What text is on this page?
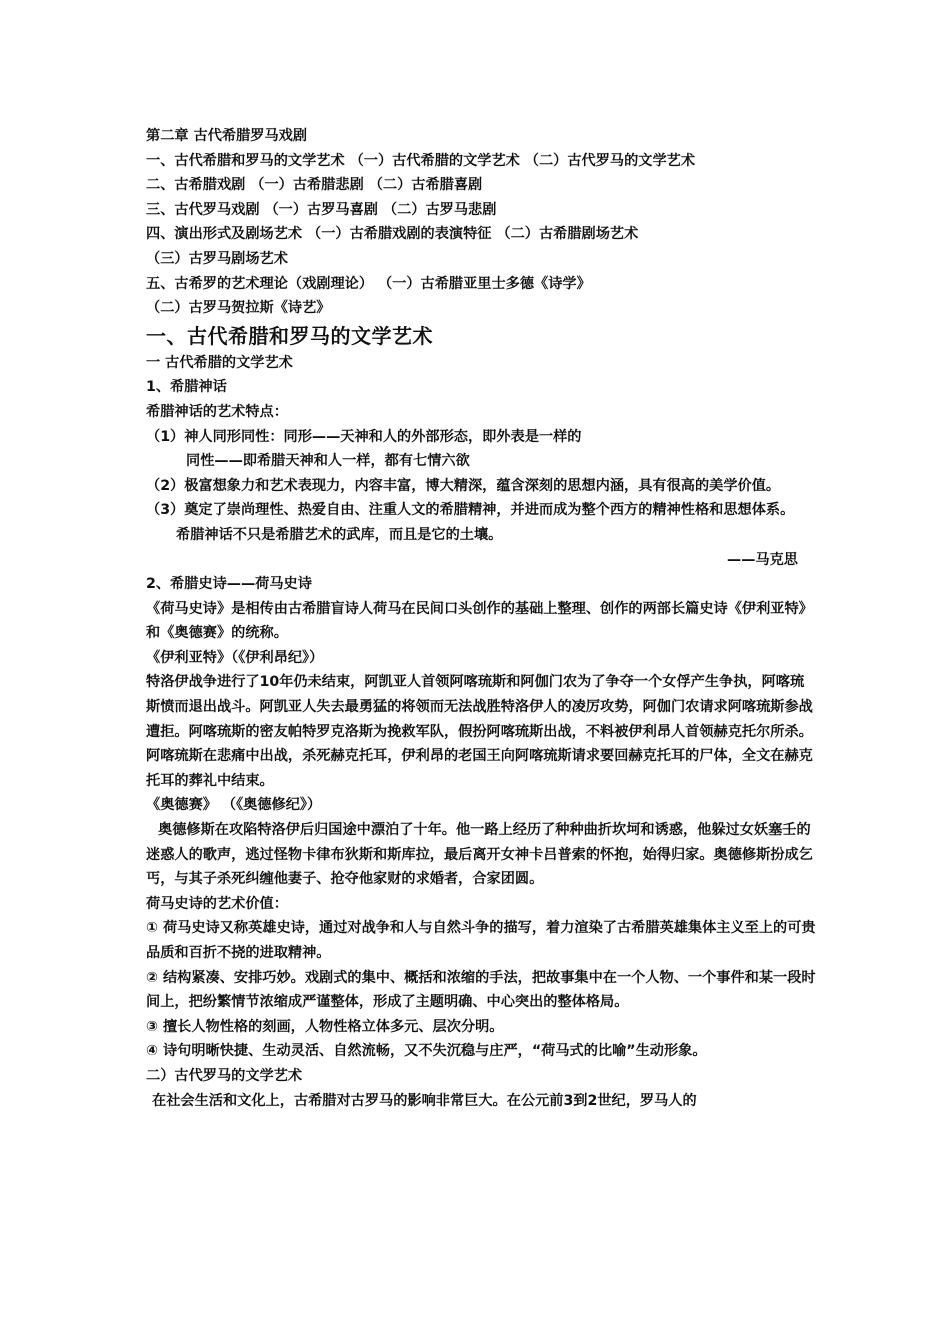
第二章 古代希腊罗马戏剧

一、古代希腊和罗马的文学艺术 （一）古代希腊的文学艺术 （二）古代罗马的文学艺术

二、古希腊戏剧 （一）古希腊悲剧 （二）古希腊喜剧

三、古代罗马戏剧 （一）古罗马喜剧 （二）古罗马悲剧

四、演出形式及剧场艺术 （一）古希腊戏剧的表演特征 （二）古希腊剧场艺术

（三）古罗马剧场艺术

五、古希罗的艺术理论（戏剧理论） （一）古希腊亚里士多德《诗学》

（二）古罗马贺拉斯《诗艺》

一、古代希腊和罗马的文学艺术

一 古代希腊的文学艺术

1、希腊神话

希腊神话的艺术特点：

（1）神人同形同性：同形——天神和人的外部形态，即外表是一样的

同性——即希腊天神和人一样，都有七情六欲

（2）极富想象力和艺术表现力，内容丰富，博大精深，蕴含深刻的思想内涵，具有很高的美学价值。

（3）奠定了崇尚理性、热爱自由、注重人文的希腊精神，并进而成为整个西方的精神性格和思想体系。

希腊神话不只是希腊艺术的武库，而且是它的土壤。

——马克思

2、希腊史诗——荷马史诗

《荷马史诗》是相传由古希腊盲诗人荷马在民间口头创作的基础上整理、创作的两部长篇史诗《伊利亚特》和《奥德赛》的统称。

《伊利亚特》（《伊利昂纪》）

特洛伊战争进行了10年仍未结束，阿凯亚人首领阿喀琉斯和阿伽门农为了争夺一个女俘产生争执，阿喀琉斯愤而退出战斗。阿凯亚人失去最勇猛的将领而无法战胜特洛伊人的凌厉攻势，阿伽门农请求阿喀琉斯参战遭拒。阿喀琉斯的密友帕特罗克洛斯为挽救军队，假扮阿喀琉斯出战，不料被伊利昂人首领赫克托尔所杀。阿喀琉斯在悲痛中出战，杀死赫克托耳，伊利昂的老国王向阿喀琉斯请求要回赫克托耳的尸体，全文在赫克托耳的葬礼中结束。

《奥德赛》 （《奥德修纪》）

奥德修斯在攻陷特洛伊后归国途中漂泊了十年。他一路上经历了种种曲折坎坷和诱惑，他躲过女妖塞壬的迷惑人的歌声，逃过怪物卡律布狄斯和斯库拉，最后离开女神卡吕普索的怀抱，始得归家。奥德修斯扮成乞丐，与其子杀死纠缠他妻子、抢夺他家财的求婚者，合家团圆。

荷马史诗的艺术价值：

① 荷马史诗又称英雄史诗，通过对战争和人与自然斗争的描写，着力渲染了古希腊英雄集体主义至上的可贵品质和百折不挠的进取精神。

② 结构紧凑、安排巧妙。戏剧式的集中、概括和浓缩的手法，把故事集中在一个人物、一个事件和某一段时间上，把纷繁情节浓缩成严谨整体，形成了主题明确、中心突出的整体格局。

③ 擅长人物性格的刻画，人物性格立体多元、层次分明。

④ 诗句明晰快捷、生动灵活、自然流畅，又不失沉稳与庄严，“荷马式的比喻”生动形象。

二）古代罗马的文学艺术

在社会生活和文化上，古希腊对古罗马的影响非常巨大。在公元前3到2世纪，罗马人的
